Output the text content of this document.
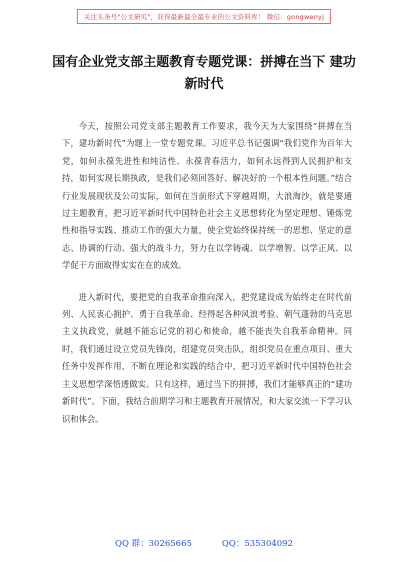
关注头条号"公文研究"，获得最新最全最专业的公文资料库！ 微信：gongwenyj
国有企业党支部主题教育专题党课：拼搏在当下 建功新时代

今天，按照公司党支部主题教育工作要求，我今天为大家围绕“拼搏在当下，建功新时代”为题上一堂专题党课。习近平总书记强调“我们党作为百年大党，如何永葆先进性和纯洁性、永葆青春活力，如何永远得到人民拥护和支持，如何实现长期执政，是我们必须回答好、解决好的一个根本性问题。”结合行业发展现状及公司实际，如何在当前形式下穿越周期，大浪淘沙，就是要通过主题教育，把习近平新时代中国特色社会主义思想转化为坚定理想、锤炼党性和指导实践、推动工作的强大力量，使全党始终保持统一的思想、坚定的意志、协调的行动、强大的战斗力，努力在以学铸魂、以学增智、以学正风、以学促干方面取得实实在在的成效。

进入新时代，要把党的自我革命推向深入，把党建设成为始终走在时代前列、人民衷心拥护、勇于自我革命、经得起各种风浪考验、朝气蓬勃的马克思主义执政党，就越不能忘记党的初心和使命，越不能丧失自我革命精神。同时，我们通过设立党员先锋岗，组建党员突击队，组织党员在重点项目、重大任务中发挥作用，不断在理论和实践的结合中，把习近平新时代中国特色社会主义思想学深悟透做实。只有这样，通过当下的拼搏，我们才能够真正的“建功新时代”。下面，我结合前期学习和主题教育开展情况，和大家交流一下学习认识和体会。

QQ 群：30265665	QQ：535304092
